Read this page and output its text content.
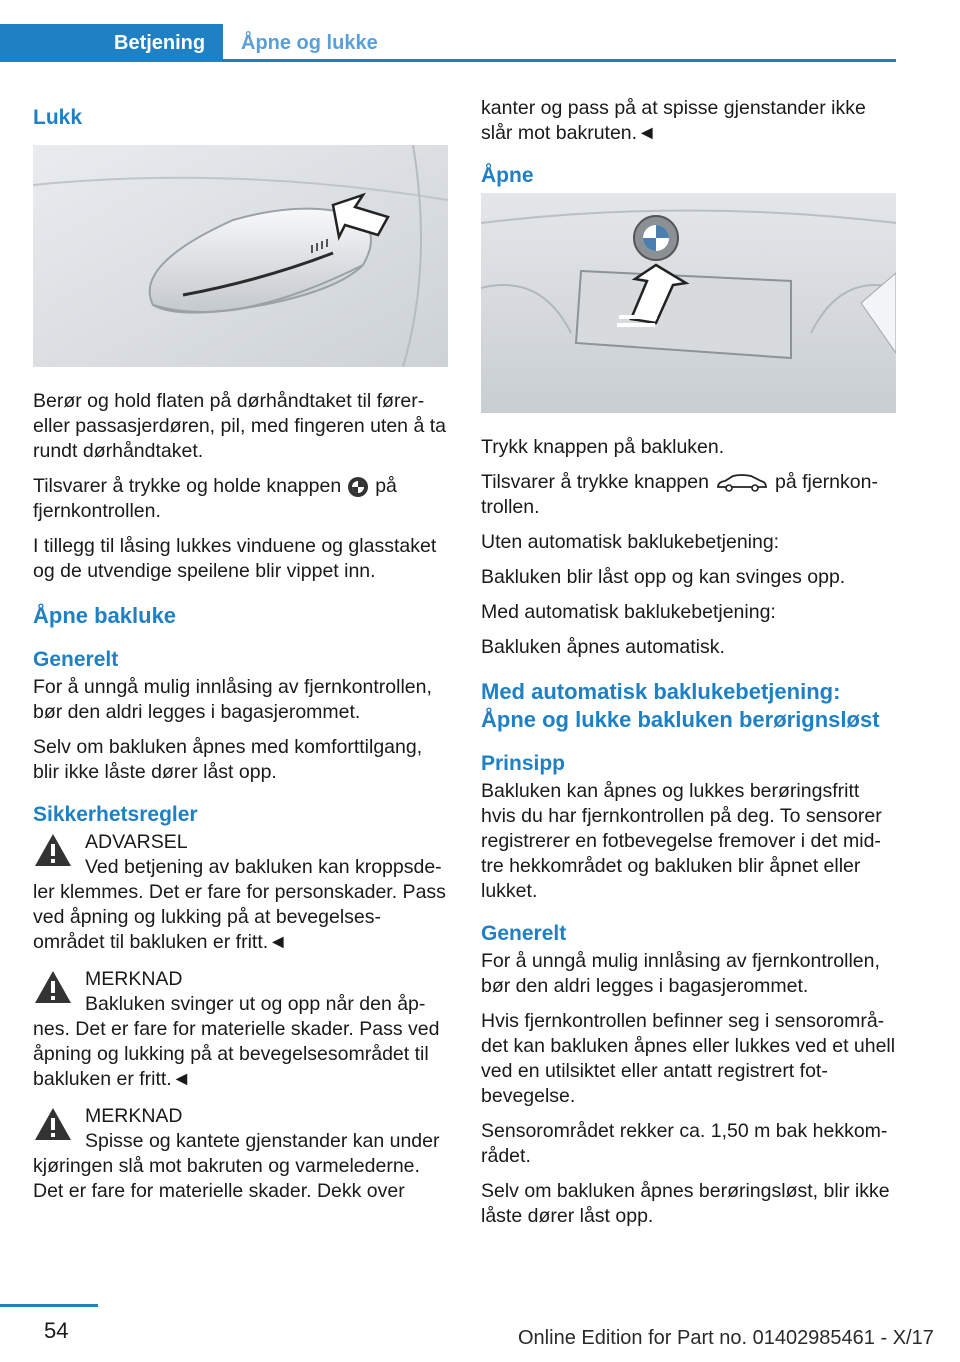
Betjening	Åpne og lukke
Lukk

Berør og hold flaten på dørhåndtaket til fører- eller passasjerdøren, pil, med fingeren uten å ta rundt dørhåndtaket.

Tilsvarer å trykke og holde knappen på fjernkontrollen.

I tillegg til låsing lukkes vinduene og glasstaket og de utvendige speilene blir vippet inn.

Åpne bakluke
Generelt

For å unngå mulig innlåsing av fjernkontrollen, bør den aldri legges i bagasjerommet.

Selv om bakluken åpnes med komforttilgang, blir ikke låste dører låst opp.

Sikkerhetsregler

ADVARSEL

Ved betjening av bakluken kan kroppsde-

ler klemmes. Det er fare for personskader. Pass ved åpning og lukking på at bevegelses-området til bakluken er fritt.◄

MERKNAD

Bakluken svinger ut og opp når den åp-

nes. Det er fare for materielle skader. Pass ved åpning og lukking på at bevegelsesområdet til bakluken er fritt.◄

MERKNAD

Spisse og kantete gjenstander kan under

kjøringen slå mot bakruten og varmelederne. Det er fare for materielle skader. Dekk over

kanter og pass på at spisse gjenstander ikke slår mot bakruten.◄

Åpne

Trykk knappen på bakluken.

Tilsvarer å trykke knappen	på fjernkon-trollen.

Uten automatisk baklukebetjening:

Bakluken blir låst opp og kan svinges opp.

Med automatisk baklukebetjening:

Bakluken åpnes automatisk.

Med automatisk baklukebetjening: Åpne og lukke bakluken berørignsløst
Prinsipp

Bakluken kan åpnes og lukkes berøringsfritt hvis du har fjernkontrollen på deg. To sensorer registrerer en fotbevegelse fremover i det mid-tre hekkområdet og bakluken blir åpnet eller lukket.

Generelt

For å unngå mulig innlåsing av fjernkontrollen, bør den aldri legges i bagasjerommet.

Hvis fjernkontrollen befinner seg i sensorområ-det kan bakluken åpnes eller lukkes ved et uhell ved en utilsiktet eller antatt registrert fot-bevegelse.

Sensorområdet rekker ca. 1,50 m bak hekkom-rådet.

Selv om bakluken åpnes berøringsløst, blir ikke låste dører låst opp.

54	Online Edition for Part no. 01402985461 - X/17
